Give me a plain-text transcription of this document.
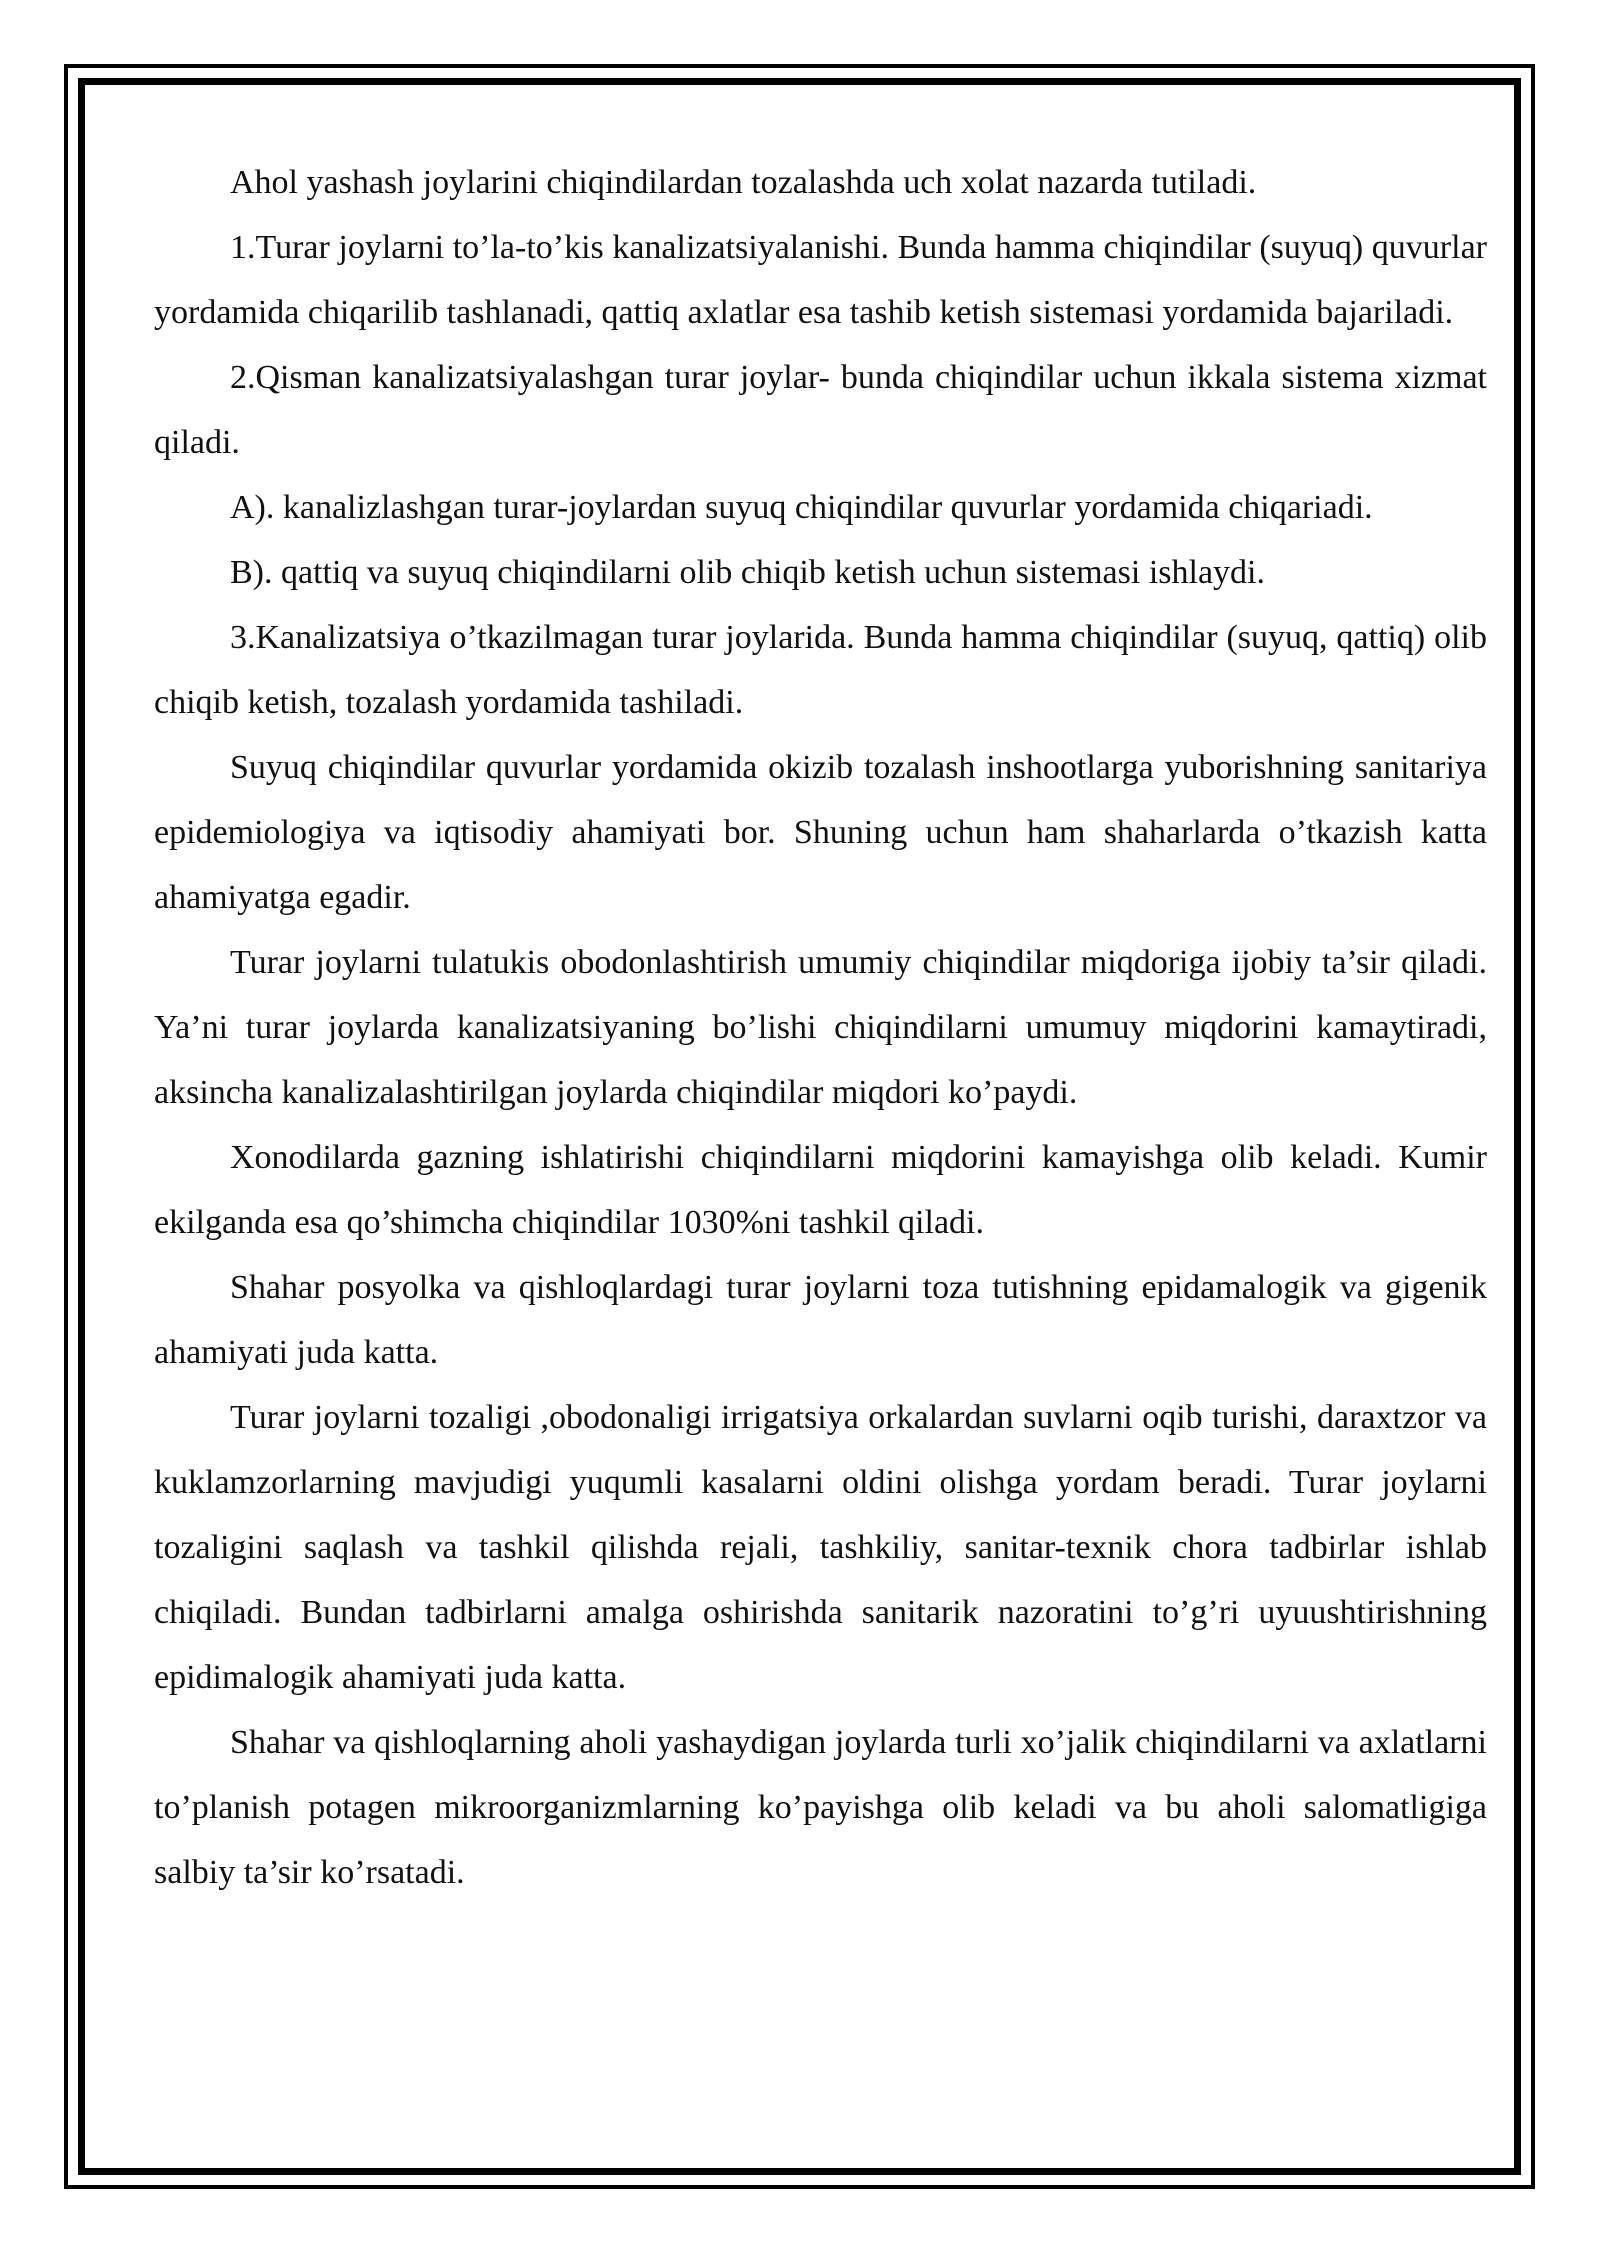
Ahol yashash joylarini chiqindilardan tozalashda uch xolat nazarda tutiladi.

1.Turar joylarni to’la-to’kis kanalizatsiyalanishi. Bunda hamma chiqindilar (suyuq) quvurlar yordamida chiqarilib tashlanadi, qattiq axlatlar esa tashib ketish sistemasi yordamida bajariladi.

2.Qisman kanalizatsiyalashgan turar joylar- bunda chiqindilar uchun ikkala sistema xizmat qiladi.

A). kanalizlashgan turar-joylardan suyuq chiqindilar quvurlar yordamida chiqariadi.

B). qattiq va suyuq chiqindilarni olib chiqib ketish uchun sistemasi ishlaydi.

3.Kanalizatsiya o’tkazilmagan turar joylarida. Bunda hamma chiqindilar (suyuq, qattiq) olib chiqib ketish, tozalash yordamida tashiladi.

Suyuq chiqindilar quvurlar yordamida okizib tozalash inshootlarga yuborishning sanitariya epidemiologiya va iqtisodiy ahamiyati bor. Shuning uchun ham shaharlarda o’tkazish katta ahamiyatga egadir.

Turar joylarni tulatukis obodonlashtirish umumiy chiqindilar miqdoriga ijobiy ta’sir qiladi. Ya’ni turar joylarda kanalizatsiyaning bo’lishi chiqindilarni umumuy miqdorini kamaytiradi, aksincha kanalizalashtirilgan joylarda chiqindilar miqdori ko’paydi.

Xonodilarda gazning ishlatirishi chiqindilarni miqdorini kamayishga olib keladi. Kumir ekilganda esa qo’shimcha chiqindilar 1030%ni tashkil qiladi.

Shahar posyolka va qishloqlardagi turar joylarni toza tutishning epidamalogik va gigenik ahamiyati juda katta.

Turar joylarni tozaligi ,obodonaligi irrigatsiya orkalardan suvlarni oqib turishi, daraxtzor va kuklamzorlarning mavjudigi yuqumli kasalarni oldini olishga yordam beradi. Turar joylarni tozaligini saqlash va tashkil qilishda rejali, tashkiliy, sanitar-texnik chora tadbirlar ishlab chiqiladi. Bundan tadbirlarni amalga oshirishda sanitarik nazoratini to’g’ri uyuushtirishning epidimalogik ahamiyati juda katta.

Shahar va qishloqlarning aholi yashaydigan joylarda turli xo’jalik chiqindilarni va axlatlarni to’planish potagen mikroorganizmlarning ko’payishga olib keladi va bu aholi salomatligiga salbiy ta’sir ko’rsatadi.
